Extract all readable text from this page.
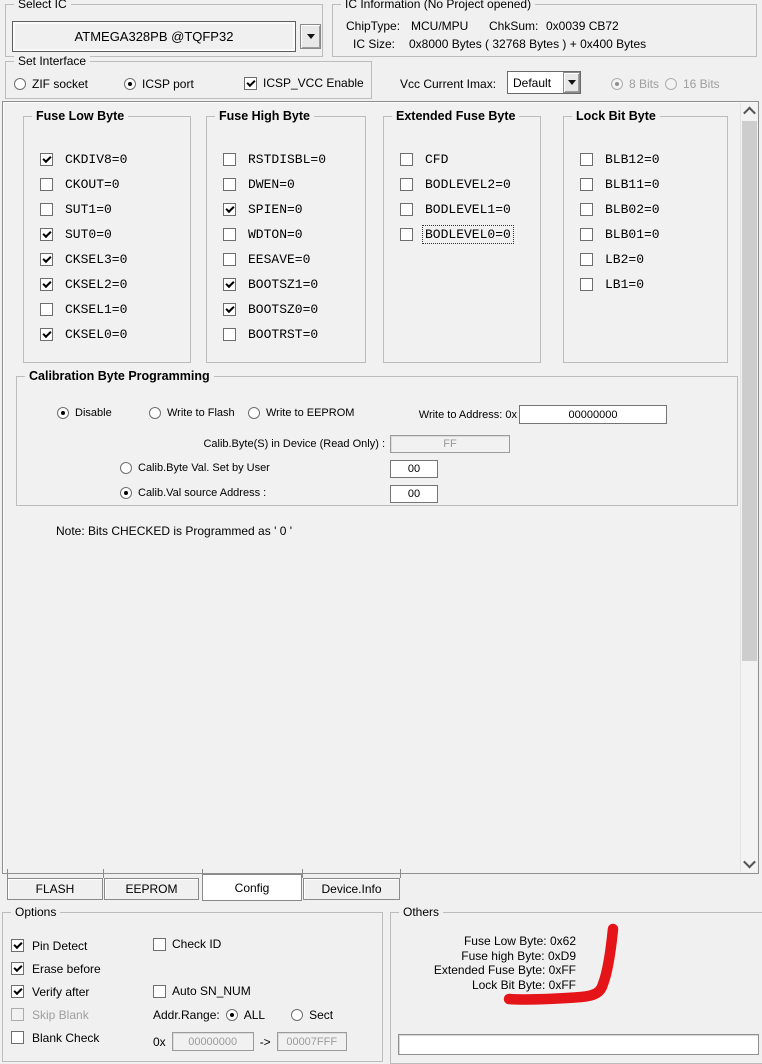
Select IC
ATMEGA328PB @TQFP32
IC Information (No Project opened)
ChipType: MCU/MPU ChkSum: 0x0039 CB72
IC Size: 0x8000 Bytes ( 32768 Bytes ) + 0x400 Bytes
Set Interface
ZIF socket	ICSP port	ICSP_VCC Enable	Vcc Current Imax:	Default	8 Bits 16 Bits
Fuse Low Byte
CKDIV8=0
CKOUT=0
SUT1=0
SUT0=0
CKSEL3=0
CKSEL2=0
CKSEL1=0
CKSEL0=0
Fuse High Byte
RSTDISBL=0
DWEN=0
SPIEN=0
WDTON=0
EESAVE=0
BOOTSZ1=0
BOOTSZ0=0
BOOTRST=0
Extended Fuse Byte
CFD
BODLEVEL2=0
BODLEVEL1=0
BODLEVEL0=0
Lock Bit Byte
BLB12=0
BLB11=0
BLB02=0
BLB01=0
LB2=0
LB1=0
Calibration Byte Programming
Disable	Write to Flash	Write to EEPROM	Write to Address: 0x	00000000
Calib.Byte(S) in Device (Read Only) :	FF
Calib.Byte Val. Set by User	00
Calib.Val source Address :	00
Note: Bits CHECKED is Programmed as ' 0 '
FLASH	EEPROM	Config	Device.Info
Options
Pin Detect
Erase before
Verify after
Skip Blank
Blank Check
Check ID
Auto SN_NUM
Addr.Range: ALL	Sect
0x	00000000	->	00007FFF
Others
Fuse Low Byte: 0x62
Fuse high Byte: 0xD9
Extended Fuse Byte: 0xFF
Lock Bit Byte: 0xFF
